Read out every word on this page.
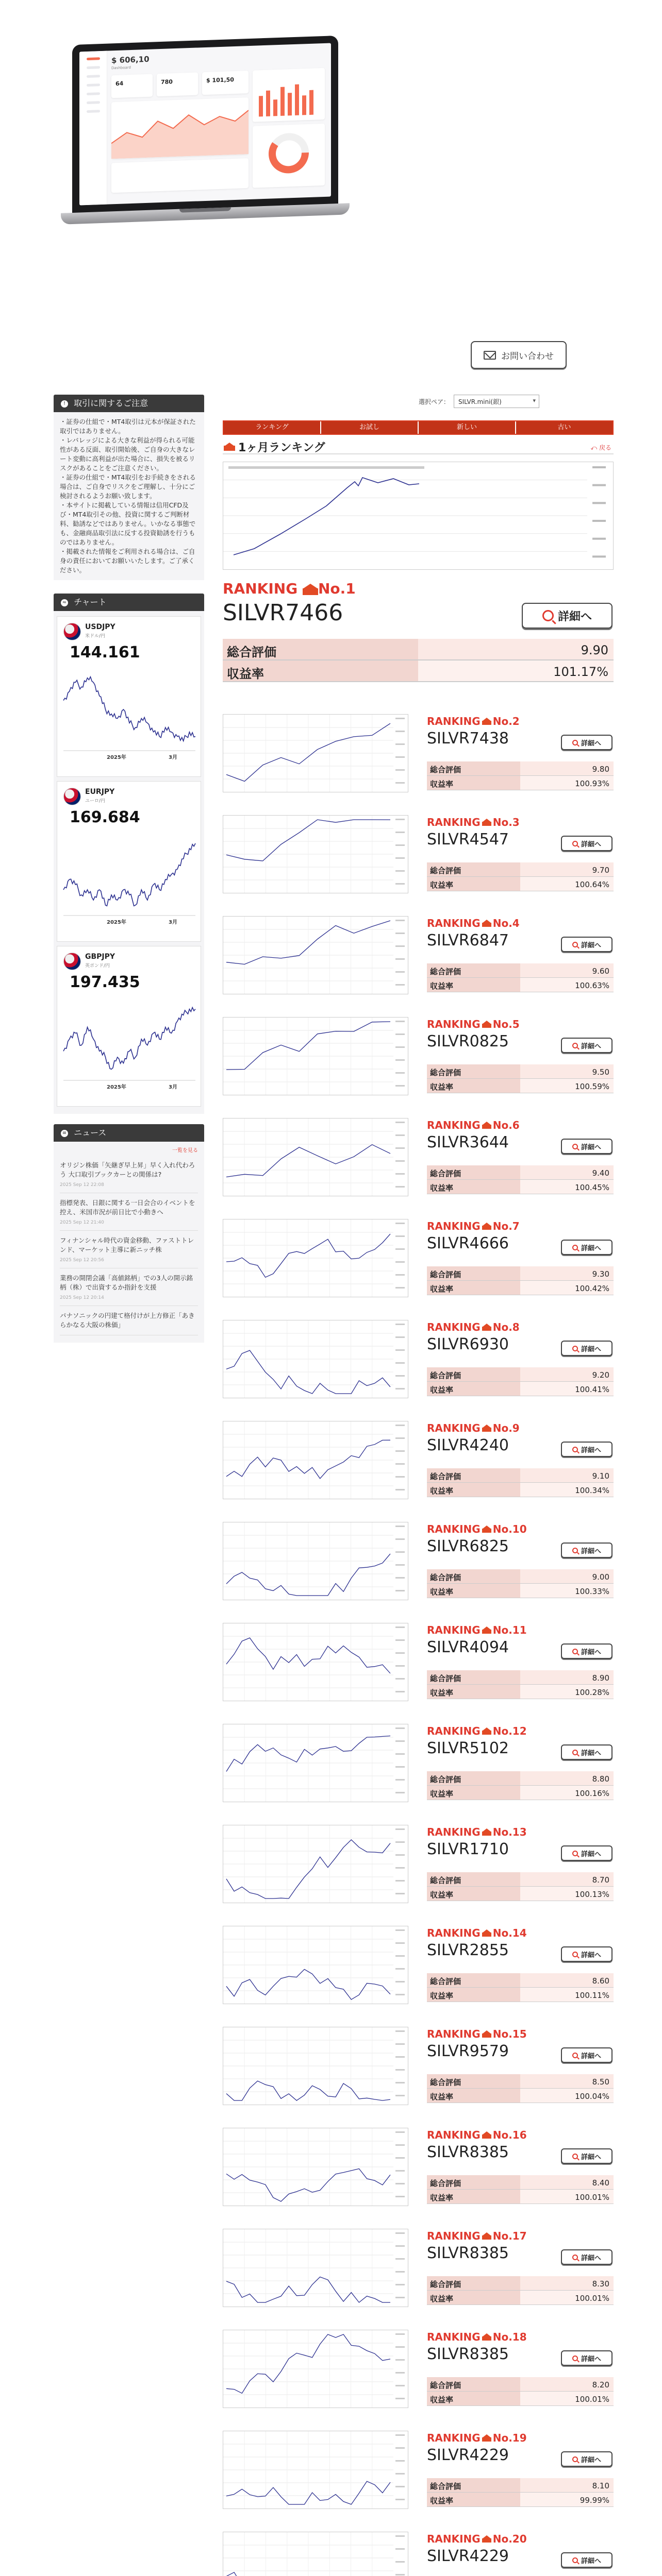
$ 606,10
Dashboard
64	780	$ 101,50
お問い合わせ
! 取引に関するご注意

・証券の仕組で・MT4取引は元本が保証された取引ではありません。

・レバレッジによる大きな利益が得られる可能性がある反面、取引開始後、ご自身の大きなレート変動に高利益が出た場合に、損失を被るリスクがあることをご注意ください。

・証券の仕組で・MT4取引をお手続きをされる場合は、ご自身でリスクをご理解し、十分にご検討されるようお願い致します。

・本サイトに掲載している情報は信用CFD及び・MT4取引その他、投資に関するご判断材料、勧誘などではありません。いかなる事態でも、金融商品取引法に反する投資勧誘を行うものではありません。

・掲載された情報をご利用される場合は、ご自身の責任においてお願いいたします。ご了承ください。

≈ チャート
USDJPY
米ドル/円
144.161
2025年	3月
EURJPY
ユーロ/円
169.684
2025年	3月
GBPJPY
英ポンド/円
197.435
2025年	3月
≡ ニュース
一覧を見る
オリジン株価「矢継ぎ早上昇」早く入れ代わろう 大口取引ブックカーとの関係は?
2025 Sep 12 22:08
指標発表、日銀に関する一日会合のイベントを控え、米国市況が前日比で小動きへ
2025 Sep 12 21:40
フィナンシャル時代の資金移動、ファストトレンド、マーケット主導に新ニッチ株
2025 Sep 12 20:56
業務の開閉会議「高値銘柄」での3人の開示銘柄（株）で出資するか指針を支援
2025 Sep 12 20:14
パナソニックの円建て格付けが上方修正「あきらかなる大阪の株価」
選択ペア：	SILVR.mini(銀) ▾
ランキング	お試し	新しい	古い
1ヶ月ランキング	⤺ 戻る
RANKING No.1
SILVR7466	詳細へ
総合評価	9.90
収益率	101.17%
RANKING No.2
SILVR7438	詳細へ
総合評価	9.80
収益率	100.93%
RANKING No.3
SILVR4547	詳細へ
総合評価	9.70
収益率	100.64%
RANKING No.4
SILVR6847	詳細へ
総合評価	9.60
収益率	100.63%
RANKING No.5
SILVR0825	詳細へ
総合評価	9.50
収益率	100.59%
RANKING No.6
SILVR3644	詳細へ
総合評価	9.40
収益率	100.45%
RANKING No.7
SILVR4666	詳細へ
総合評価	9.30
収益率	100.42%
RANKING No.8
SILVR6930	詳細へ
総合評価	9.20
収益率	100.41%
RANKING No.9
SILVR4240	詳細へ
総合評価	9.10
収益率	100.34%
RANKING No.10
SILVR6825	詳細へ
総合評価	9.00
収益率	100.33%
RANKING No.11
SILVR4094	詳細へ
総合評価	8.90
収益率	100.28%
RANKING No.12
SILVR5102	詳細へ
総合評価	8.80
収益率	100.16%
RANKING No.13
SILVR1710	詳細へ
総合評価	8.70
収益率	100.13%
RANKING No.14
SILVR2855	詳細へ
総合評価	8.60
収益率	100.11%
RANKING No.15
SILVR9579	詳細へ
総合評価	8.50
収益率	100.04%
RANKING No.16
SILVR8385	詳細へ
総合評価	8.40
収益率	100.01%
RANKING No.17
SILVR8385	詳細へ
総合評価	8.30
収益率	100.01%
RANKING No.18
SILVR8385	詳細へ
総合評価	8.20
収益率	100.01%
RANKING No.19
SILVR4229	詳細へ
総合評価	8.10
収益率	99.99%
RANKING No.20
SILVR4229	詳細へ
